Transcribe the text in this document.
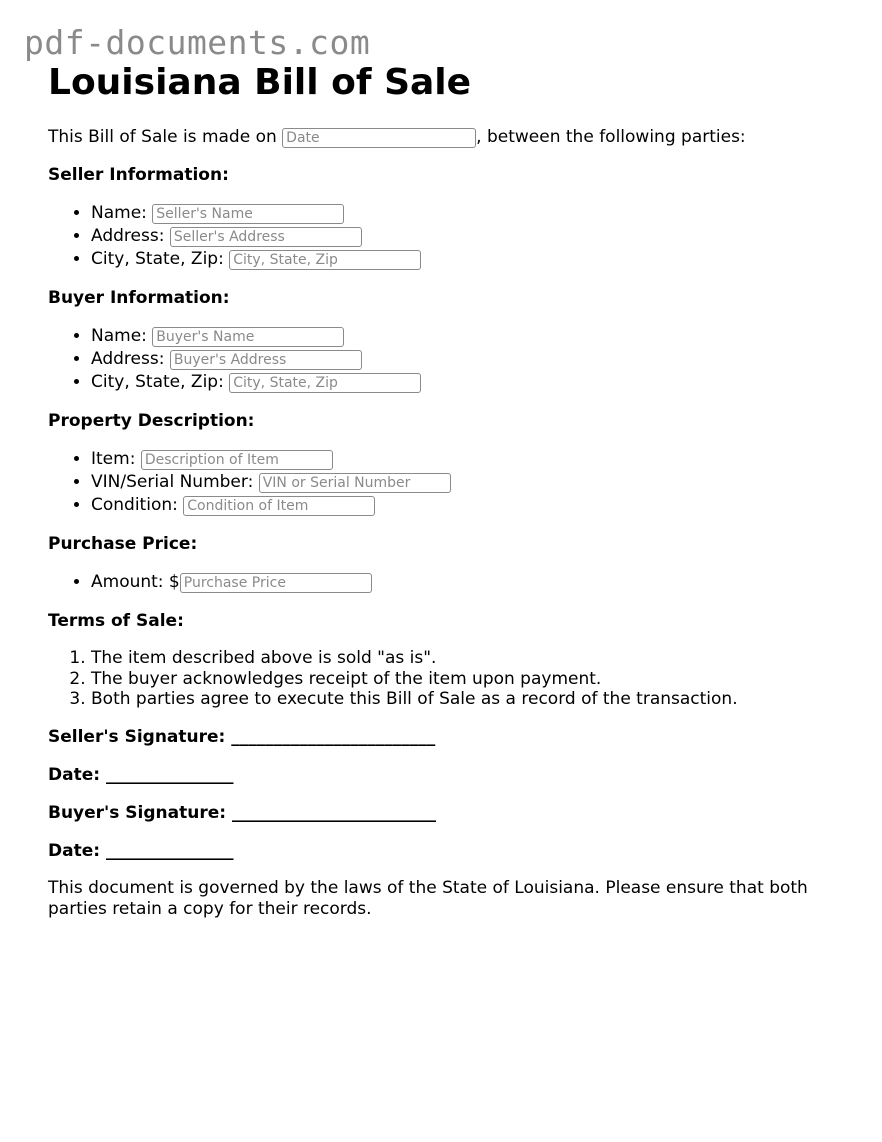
pdf-documents.com
Louisiana Bill of Sale

This Bill of Sale is made on Date	, between the following parties:

Seller Information:
• Name: Seller's Name
• Address: Seller's Address
• City, State, Zip: City, State, Zip
Buyer Information:
• Name: Buyer's Name
• Address: Buyer's Address
• City, State, Zip: City, State, Zip
Property Description:
• Item: Description of Item
• VIN/Serial Number: VIN or Serial Number
• Condition: Condition of Item
Purchase Price:
• Amount: $Purchase Price
Terms of Sale:
1. The item described above is sold "as is".
2. The buyer acknowledges receipt of the item upon payment.
3. Both parties agree to execute this Bill of Sale as a record of the transaction.

Seller's Signature: ________________________

Date: _______________

Buyer's Signature: ________________________

Date: _______________

This document is governed by the laws of the State of Louisiana. Please ensure that both parties retain a copy for their records.
